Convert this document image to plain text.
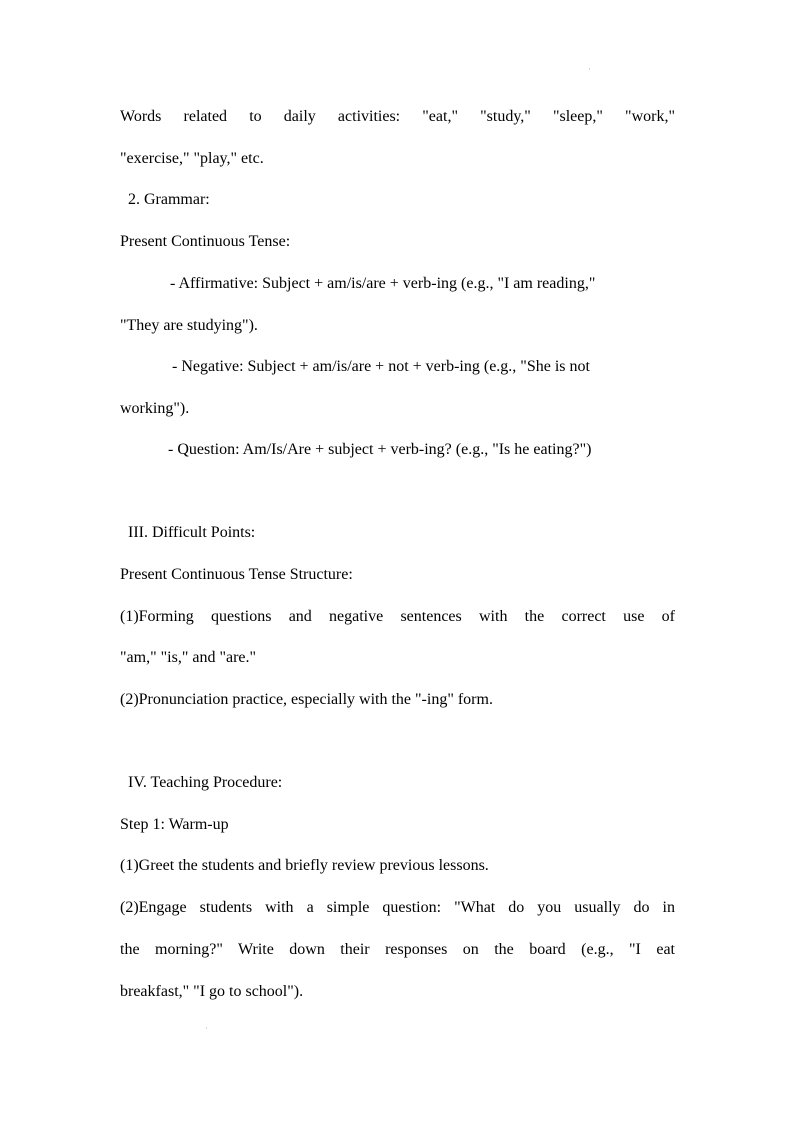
Words related to daily activities: "eat," "study," "sleep," "work,"
"exercise," "play," etc.
2. Grammar:
Present Continuous Tense:
- Affirmative: Subject + am/is/are + verb-ing (e.g., "I am reading,"
"They are studying").
- Negative: Subject + am/is/are + not + verb-ing (e.g., "She is not
working").
- Question: Am/Is/Are + subject + verb-ing? (e.g., "Is he eating?")
III. Difficult Points:
Present Continuous Tense Structure:
(1)Forming questions and negative sentences with the correct use of
"am," "is," and "are."
(2)Pronunciation practice, especially with the "-ing" form.
IV. Teaching Procedure:
Step 1: Warm-up
(1)Greet the students and briefly review previous lessons.
(2)Engage students with a simple question: "What do you usually do in
the morning?" Write down their responses on the board (e.g., "I eat
breakfast," "I go to school").
